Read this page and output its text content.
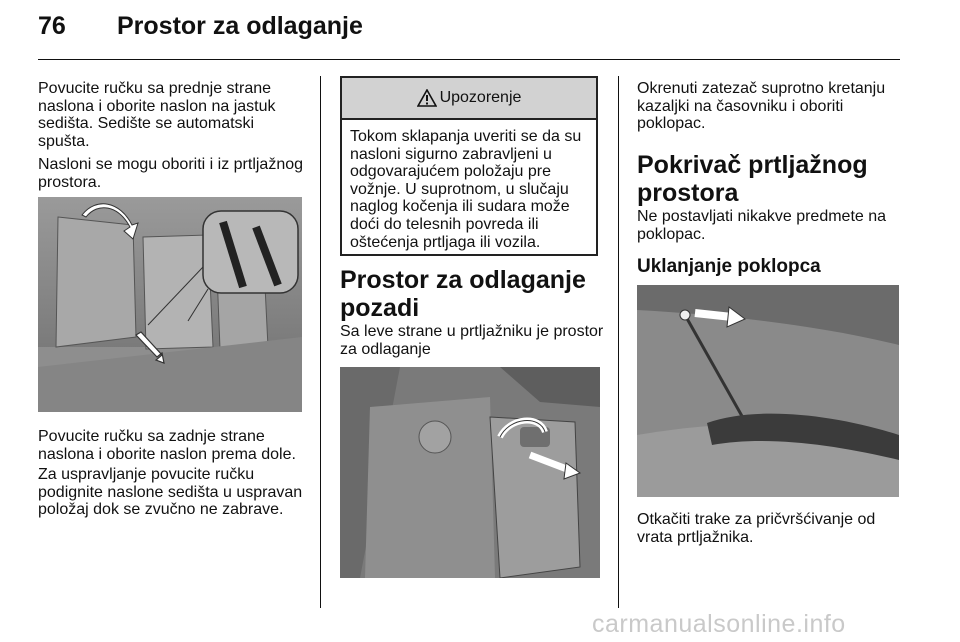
76 Prostor za odlaganje

Povucite ručku sa prednje strane naslona i oborite naslon na jastuk sedišta. Sedište se automatski spušta.

Nasloni se mogu oboriti i iz prtljažnog prostora.

Povucite ručku sa zadnje strane naslona i oborite naslon prema dole.

Za uspravljanje povucite ručku podignite naslone sedišta u uspravan položaj dok se zvučno ne zabrave.

Upozorenje
Tokom sklapanja uveriti se da su nasloni sigurno zabravljeni u odgovarajućem položaju pre vožnje. U suprotnom, u slučaju naglog kočenja ili sudara može doći do telesnih povreda ili oštećenja prtljaga ili vozila.
Prostor za odlaganje pozadi

Sa leve strane u prtljažniku je prostor za odlaganje

Okrenuti zatezač suprotno kretanju kazaljki na časovniku i oboriti poklopac.

Pokrivač prtljažnog prostora

Ne postavljati nikakve predmete na poklopac.

Uklanjanje poklopca

Otkačiti trake za pričvršćivanje od vrata prtljažnika.

carmanualsonline.info
